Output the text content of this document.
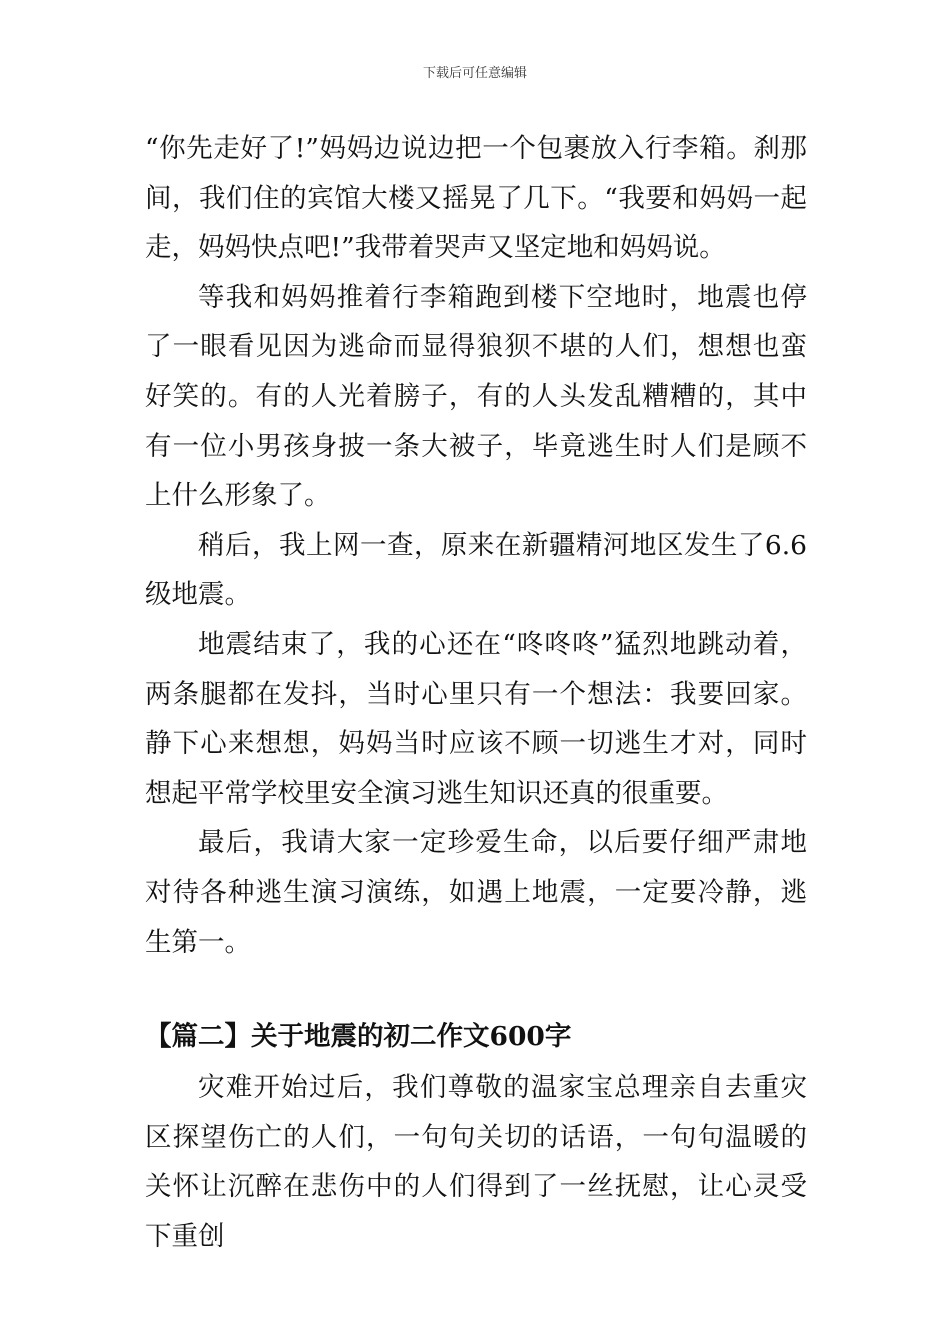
下载后可任意编辑

“你先走好了!”妈妈边说边把一个包裹放入行李箱。刹那间，我们住的宾馆大楼又摇晃了几下。“我要和妈妈一起走，妈妈快点吧!”我带着哭声又坚定地和妈妈说。

等我和妈妈推着行李箱跑到楼下空地时，地震也停了一眼看见因为逃命而显得狼狈不堪的人们，想想也蛮好笑的。有的人光着膀子，有的人头发乱糟糟的，其中有一位小男孩身披一条大被子，毕竟逃生时人们是顾不上什么形象了。

稍后，我上网一查，原来在新疆精河地区发生了6.6级地震。

地震结束了，我的心还在“咚咚咚”猛烈地跳动着，两条腿都在发抖，当时心里只有一个想法：我要回家。静下心来想想，妈妈当时应该不顾一切逃生才对，同时想起平常学校里安全演习逃生知识还真的很重要。

最后，我请大家一定珍爱生命，以后要仔细严肃地对待各种逃生演习演练，如遇上地震，一定要冷静，逃生第一。

【篇二】关于地震的初二作文600字

灾难开始过后，我们尊敬的温家宝总理亲自去重灾区探望伤亡的人们，一句句关切的话语，一句句温暖的关怀让沉醉在悲伤中的人们得到了一丝抚慰，让心灵受下重创
